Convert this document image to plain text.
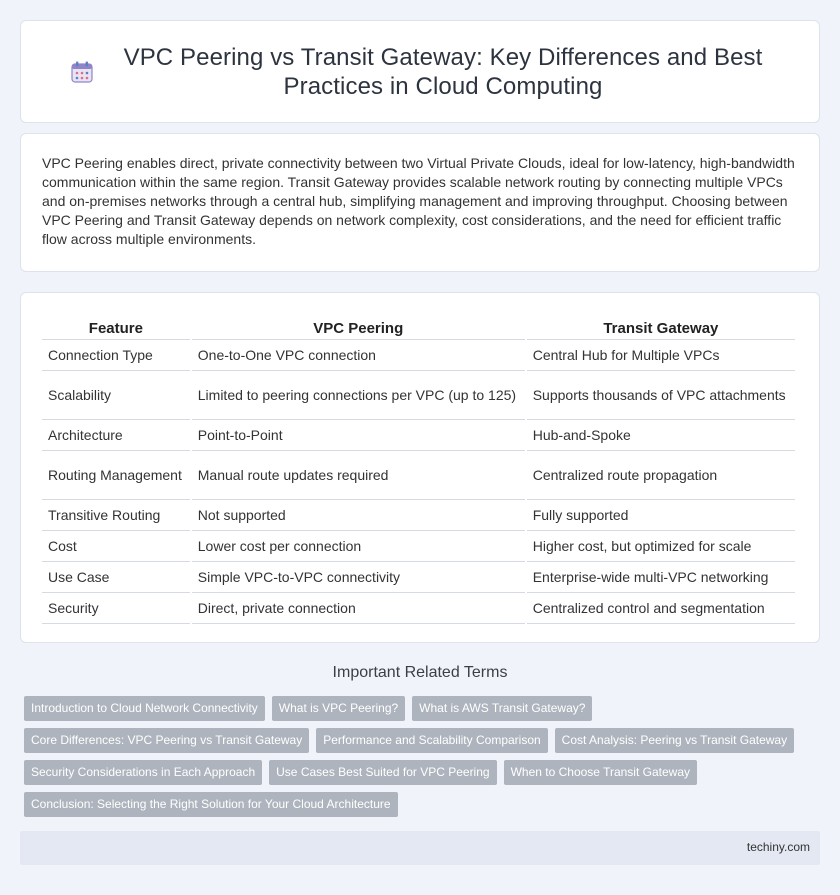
VPC Peering vs Transit Gateway: Key Differences and Best Practices in Cloud Computing

VPC Peering enables direct, private connectivity between two Virtual Private Clouds, ideal for low-latency, high-bandwidth communication within the same region. Transit Gateway provides scalable network routing by connecting multiple VPCs and on-premises networks through a central hub, simplifying management and improving throughput. Choosing between VPC Peering and Transit Gateway depends on network complexity, cost considerations, and the need for efficient traffic flow across multiple environments.

Feature	VPC Peering	Transit Gateway
Connection Type	One-to-One VPC connection	Central Hub for Multiple VPCs
Scalability	Limited to peering connections per VPC (up to 125)	Supports thousands of VPC attachments
Architecture	Point-to-Point	Hub-and-Spoke
Routing Management	Manual route updates required	Centralized route propagation
Transitive Routing	Not supported	Fully supported
Cost	Lower cost per connection	Higher cost, but optimized for scale
Use Case	Simple VPC-to-VPC connectivity	Enterprise-wide multi-VPC networking
Security	Direct, private connection	Centralized control and segmentation
Important Related Terms
Introduction to Cloud Network Connectivity	What is VPC Peering?	What is AWS Transit Gateway?
Core Differences: VPC Peering vs Transit Gateway	Performance and Scalability Comparison	Cost Analysis: Peering vs Transit Gateway
Security Considerations in Each Approach	Use Cases Best Suited for VPC Peering	When to Choose Transit Gateway
Conclusion: Selecting the Right Solution for Your Cloud Architecture
techiny.com
